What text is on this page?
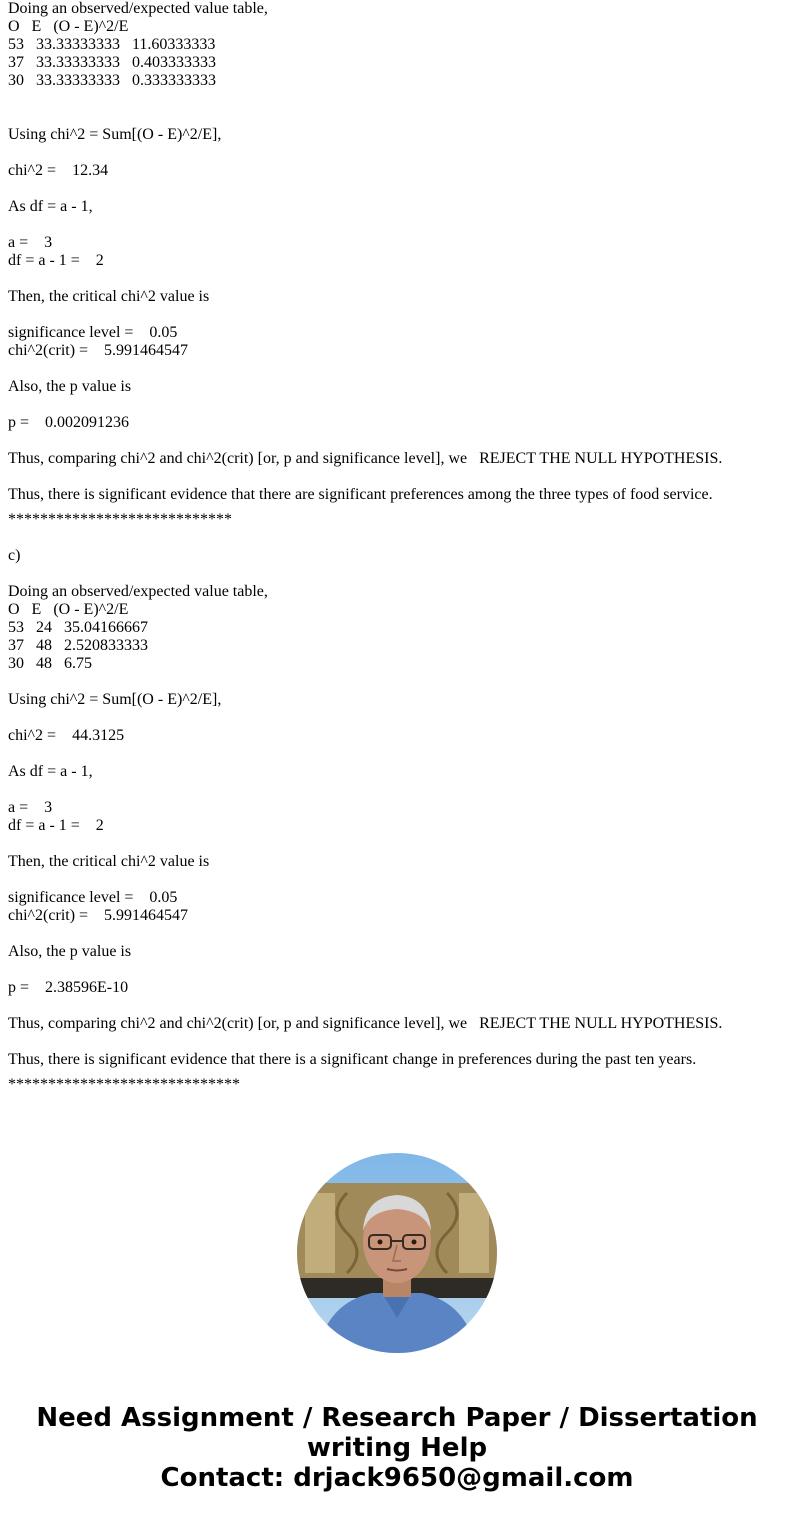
Doing an observed/expected value table,
O   E   (O - E)^2/E
53   33.33333333   11.60333333
37   33.33333333   0.403333333
30   33.33333333   0.333333333
Using chi^2 = Sum[(O - E)^2/E],
chi^2 =    12.34
As df = a - 1,
a =    3
df = a - 1 =    2
Then, the critical chi^2 value is
significance level =    0.05
chi^2(crit) =    5.991464547
Also, the p value is
p =    0.002091236
Thus, comparing chi^2 and chi^2(crit) [or, p and significance level], we   REJECT THE NULL HYPOTHESIS.
Thus, there is significant evidence that there are significant preferences among the three types of food service.
****************************
c)
Doing an observed/expected value table,
O   E   (O - E)^2/E
53   24   35.04166667
37   48   2.520833333
30   48   6.75
Using chi^2 = Sum[(O - E)^2/E],
chi^2 =    44.3125
As df = a - 1,
a =    3
df = a - 1 =    2
Then, the critical chi^2 value is
significance level =    0.05
chi^2(crit) =    5.991464547
Also, the p value is
p =    2.38596E-10
Thus, comparing chi^2 and chi^2(crit) [or, p and significance level], we   REJECT THE NULL HYPOTHESIS.
Thus, there is significant evidence that there is a significant change in preferences during the past ten years.
*****************************
Need Assignment / Research Paper / Dissertation
writing Help
Contact: drjack9650@gmail.com
